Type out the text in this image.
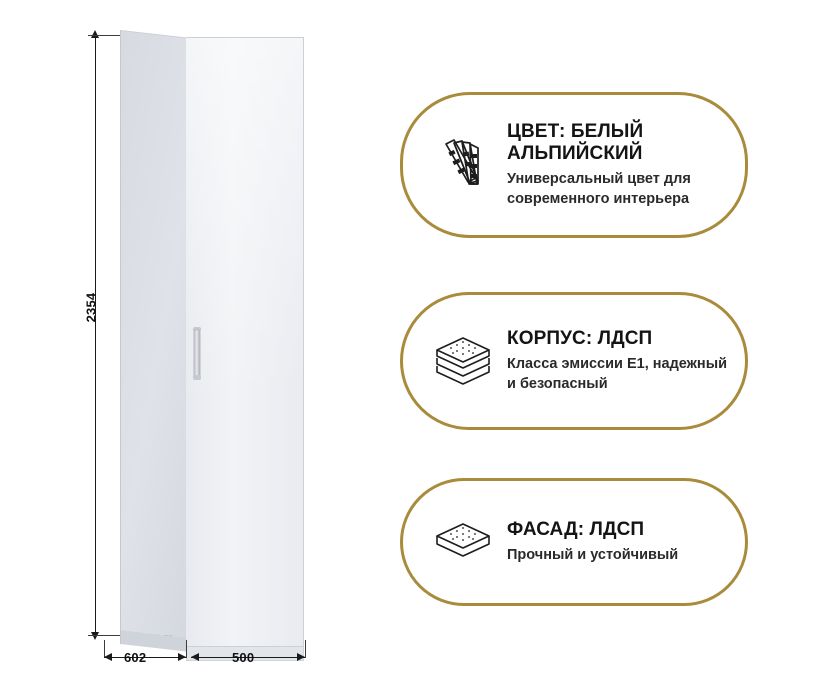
2354
602	500
ЦВЕТ: БЕЛЫЙ АЛЬПИЙСКИЙ
Универсальный цвет для современного интерьера
КОРПУС: ЛДСП
Класса эмиссии Е1, надежный и безопасный
ФАСАД: ЛДСП
Прочный и устойчивый
